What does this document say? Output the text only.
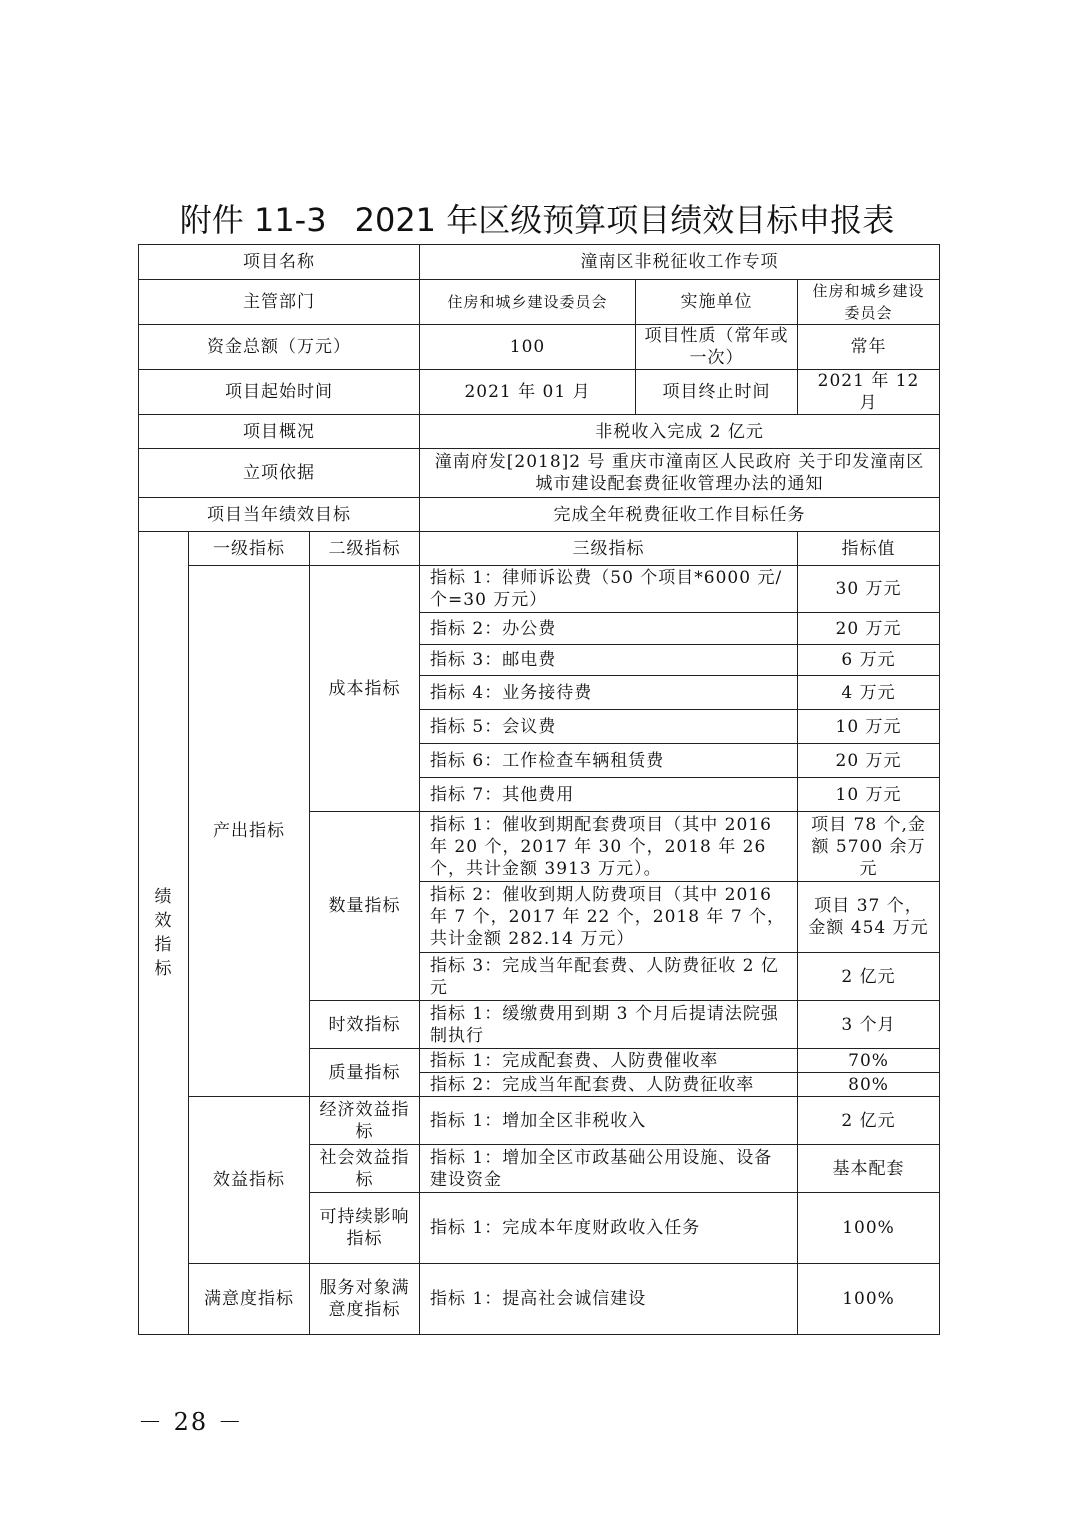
附件 11-3 2021 年区级预算项目绩效目标申报表
项目名称			潼南区非税征收工作专项		
主管部门			住房和城乡建设委员会	实施单位	住房和城乡建设委员会
资金总额（万元）			100	项目性质（常年或一次）	常年
项目起始时间			2021 年 01 月	项目终止时间	2021 年 12 月
项目概况			非税收入完成 2 亿元		
立项依据			潼南府发[2018]2 号 重庆市潼南区人民政府 关于印发潼南区城市建设配套费征收管理办法的通知		
项目当年绩效目标			完成全年税费征收工作目标任务		
绩效指标	一级指标	二级指标	三级指标		指标值
	产出指标	成本指标	指标 1：律师诉讼费（50 个项目*6000 元/个=30 万元）		30 万元
			指标 2：办公费		20 万元
			指标 3：邮电费		6 万元
			指标 4：业务接待费		4 万元
			指标 5：会议费		10 万元
			指标 6：工作检查车辆租赁费		20 万元
			指标 7：其他费用		10 万元
		数量指标	指标 1：催收到期配套费项目（其中 2016 年 20 个，2017 年 30 个，2018 年 26 个，共计金额 3913 万元）。		项目 78 个,金额 5700 余万元
			指标 2：催收到期人防费项目（其中 2016 年 7 个，2017 年 22 个，2018 年 7 个，共计金额 282.14 万元）		项目 37 个，金额 454 万元
			指标 3：完成当年配套费、人防费征收 2 亿元		2 亿元
		时效指标	指标 1：缓缴费用到期 3 个月后提请法院强制执行		3 个月
		质量指标	指标 1：完成配套费、人防费催收率		70%
			指标 2：完成当年配套费、人防费征收率		80%
	效益指标	经济效益指标	指标 1：增加全区非税收入		2 亿元
		社会效益指标	指标 1：增加全区市政基础公用设施、设备建设资金		基本配套
		可持续影响指标	指标 1：完成本年度财政收入任务		100%
	满意度指标	服务对象满意度指标	指标 1：提高社会诚信建设		100%
－ 28 －
